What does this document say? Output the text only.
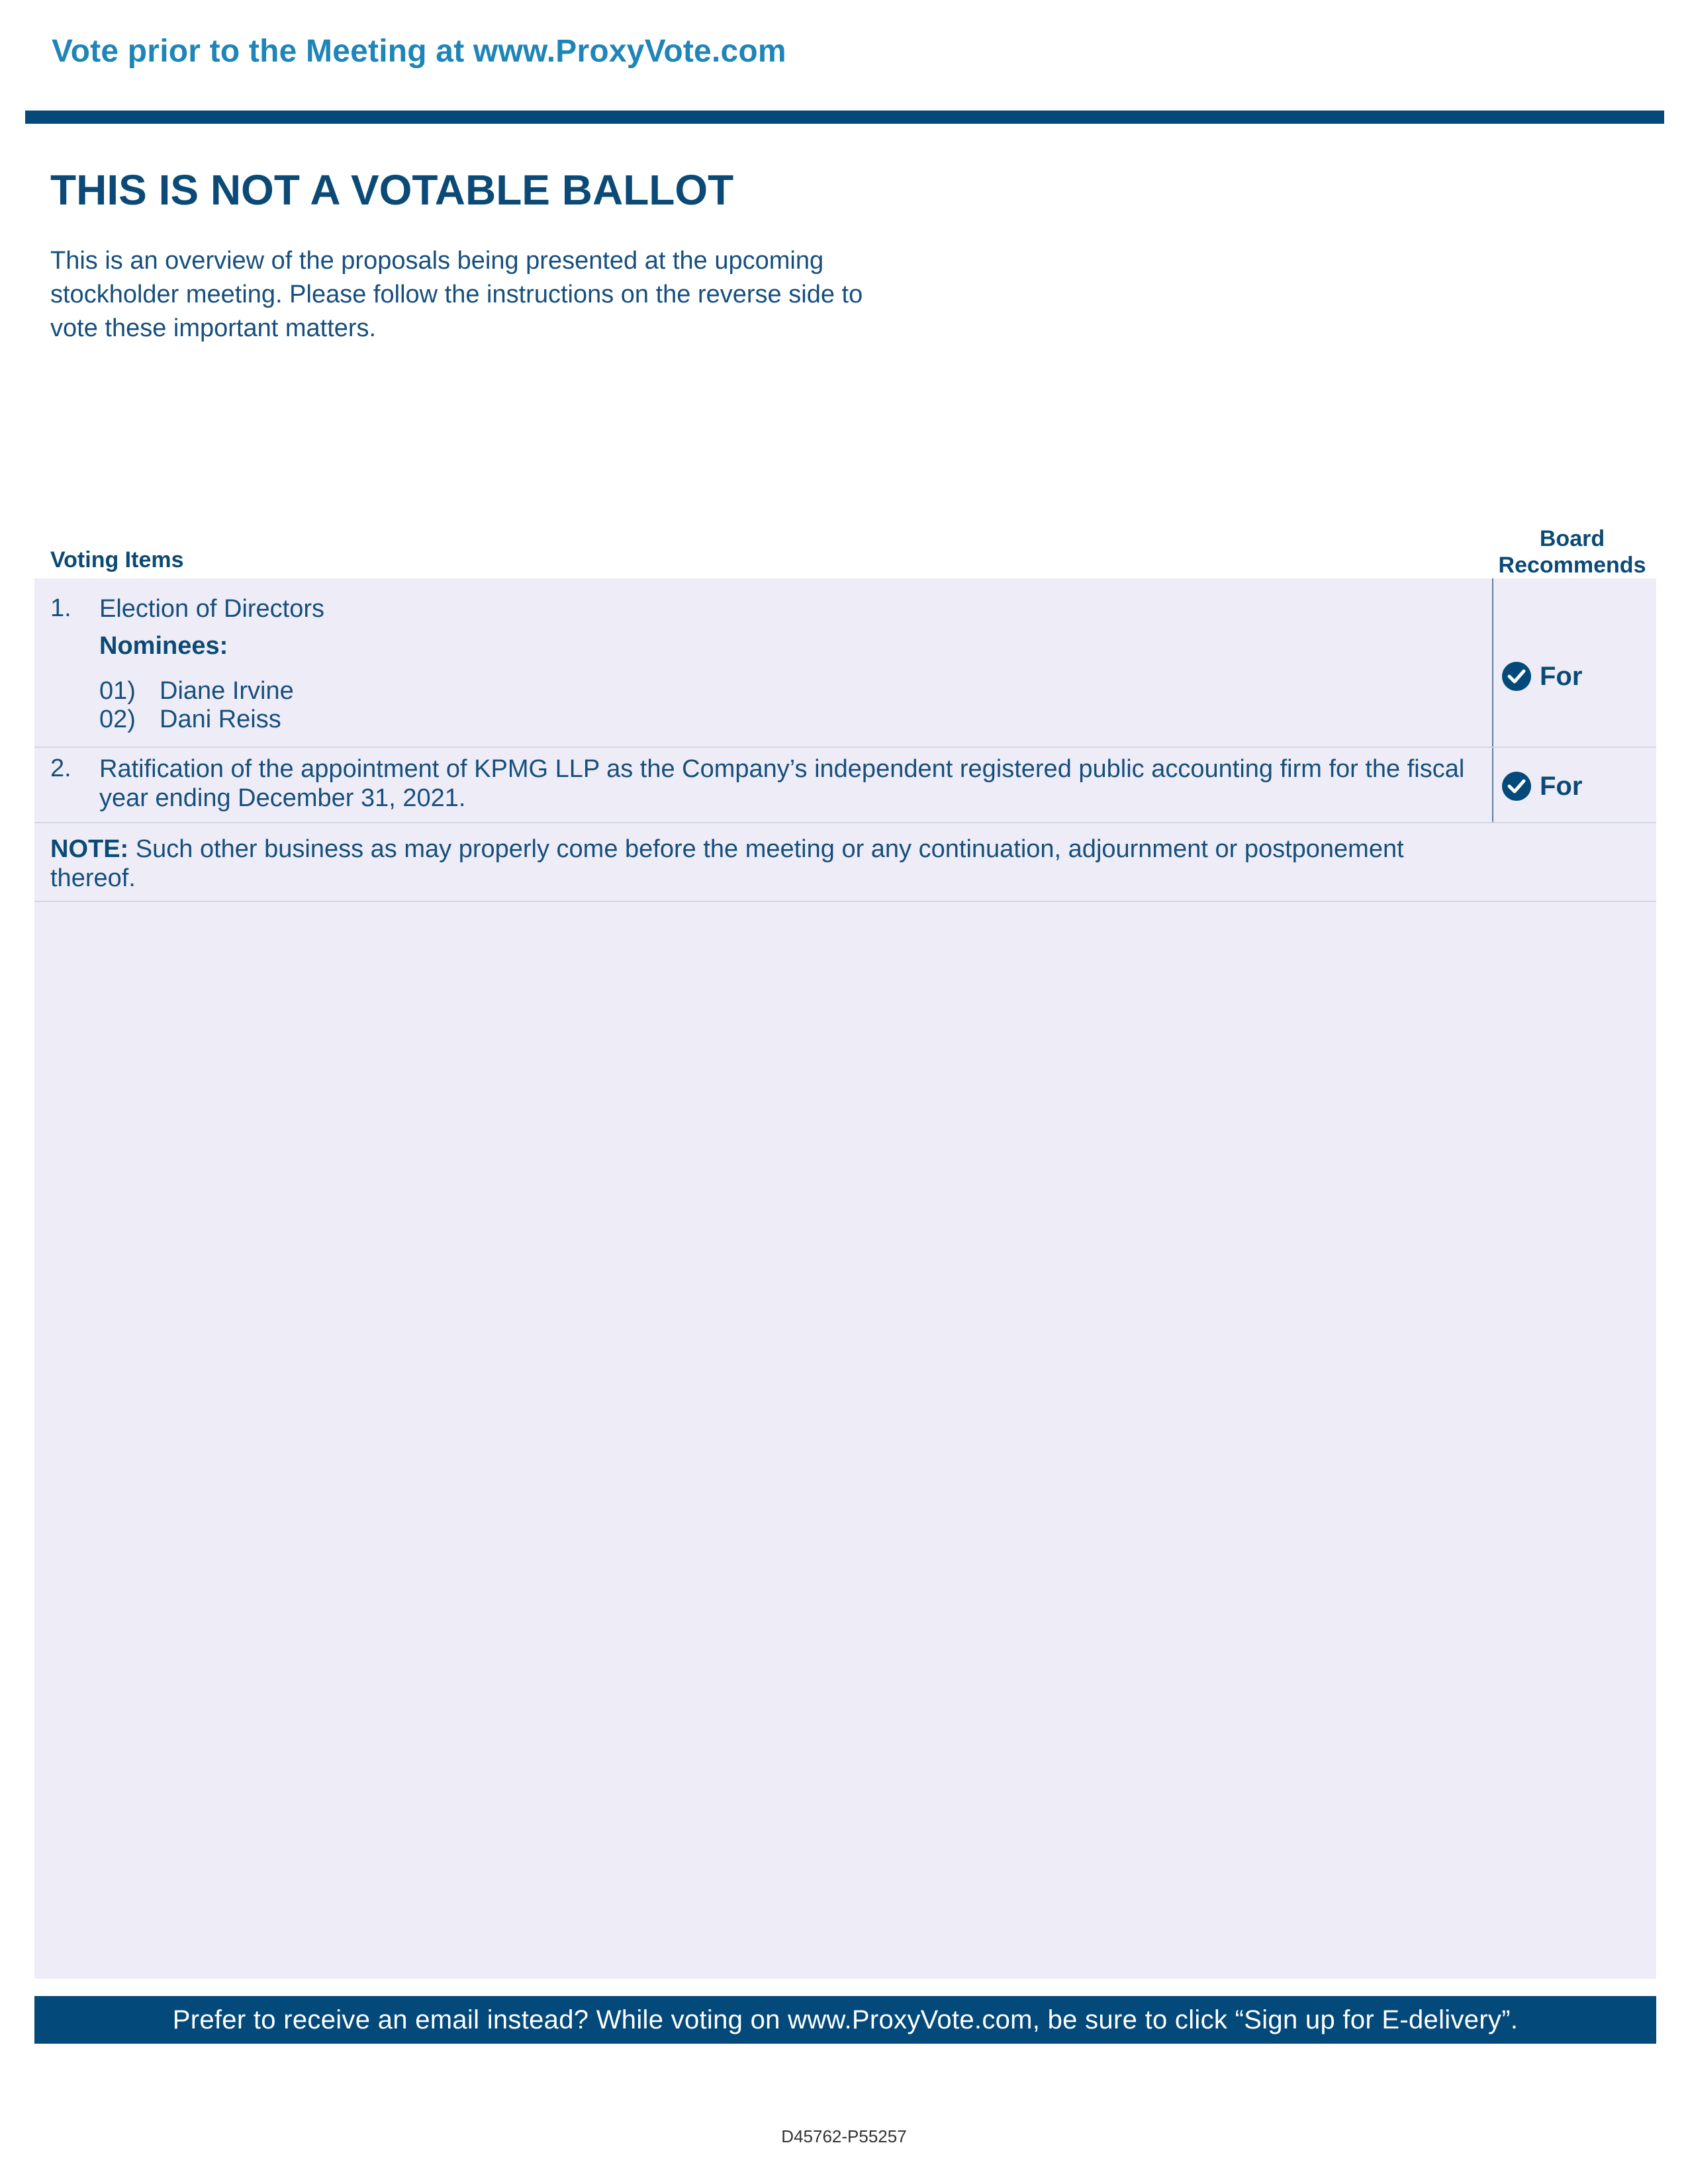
Vote prior to the Meeting at www.ProxyVote.com
THIS IS NOT A VOTABLE BALLOT
This is an overview of the proposals being presented at the upcoming stockholder meeting. Please follow the instructions on the reverse side to vote these important matters.
Voting Items
Board Recommends
1. Election of Directors
Nominees:
01) Diane Irvine
02) Dani Reiss
For
2. Ratification of the appointment of KPMG LLP as the Company’s independent registered public accounting firm for the fiscal year ending December 31, 2021.	For
NOTE: Such other business as may properly come before the meeting or any continuation, adjournment or postponement thereof.
Prefer to receive an email instead? While voting on www.ProxyVote.com, be sure to click “Sign up for E-delivery”.
D45762-P55257
